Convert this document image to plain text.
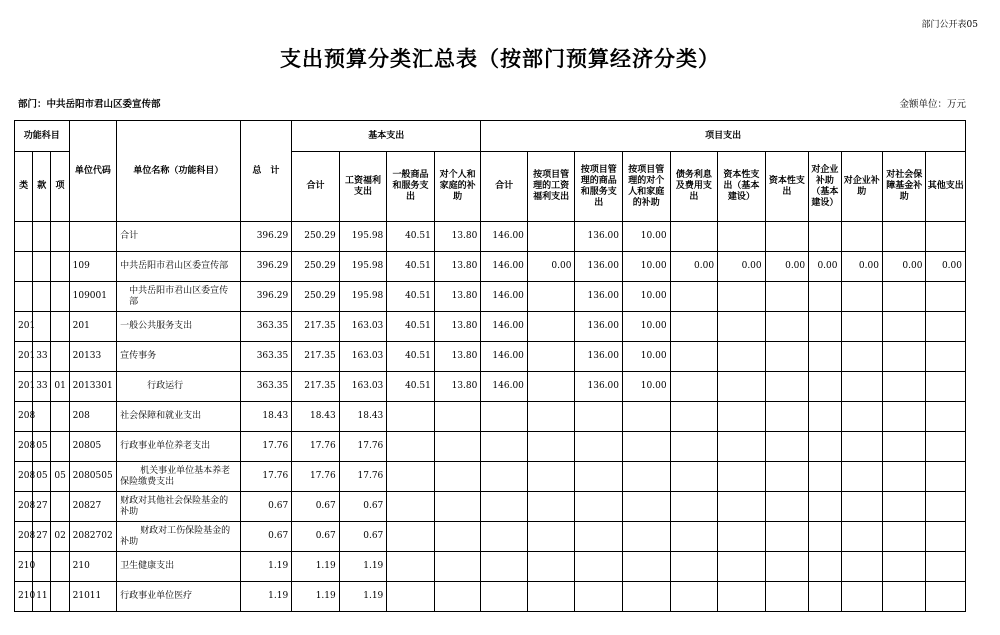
部门公开表05
支出预算分类汇总表（按部门预算经济分类）
部门：中共岳阳市君山区委宣传部	金额单位：万元
功能科目			单位代码	单位名称（功能科目）	总　计	基本支出				项目支出										
类	款	项				合计	工资福利支出	一般商品和服务支出	对个人和家庭的补助	合计	按项目管理的工资福利支出	按项目管理的商品和服务支出	按项目管理的对个人和家庭的补助	债务利息及费用支出	资本性支出（基本建设）	资本性支出	对企业补助（基本建设）	对企业补助	对社会保障基金补助	其他支出
				合计	396.29	250.29	195.98	40.51	13.80	146.00		136.00	10.00							
			109	中共岳阳市君山区委宣传部	396.29	250.29	195.98	40.51	13.80	146.00	0.00	136.00	10.00	0.00	0.00	0.00	0.00	0.00	0.00	0.00
			109001	中共岳阳市君山区委宣传部	396.29	250.29	195.98	40.51	13.80	146.00		136.00	10.00							
201			201	一般公共服务支出	363.35	217.35	163.03	40.51	13.80	146.00		136.00	10.00							
201	33		20133	宣传事务	363.35	217.35	163.03	40.51	13.80	146.00		136.00	10.00							
201	33	01	2013301	行政运行	363.35	217.35	163.03	40.51	13.80	146.00		136.00	10.00							
208			208	社会保障和就业支出	18.43	18.43	18.43													
208	05		20805	行政事业单位养老支出	17.76	17.76	17.76													
208	05	05	2080505	机关事业单位基本养老保险缴费支出	17.76	17.76	17.76													
208	27		20827	财政对其他社会保险基金的补助	0.67	0.67	0.67													
208	27	02	2082702	财政对工伤保险基金的补助	0.67	0.67	0.67													
210			210	卫生健康支出	1.19	1.19	1.19													
210	11		21011	行政事业单位医疗	1.19	1.19	1.19													
